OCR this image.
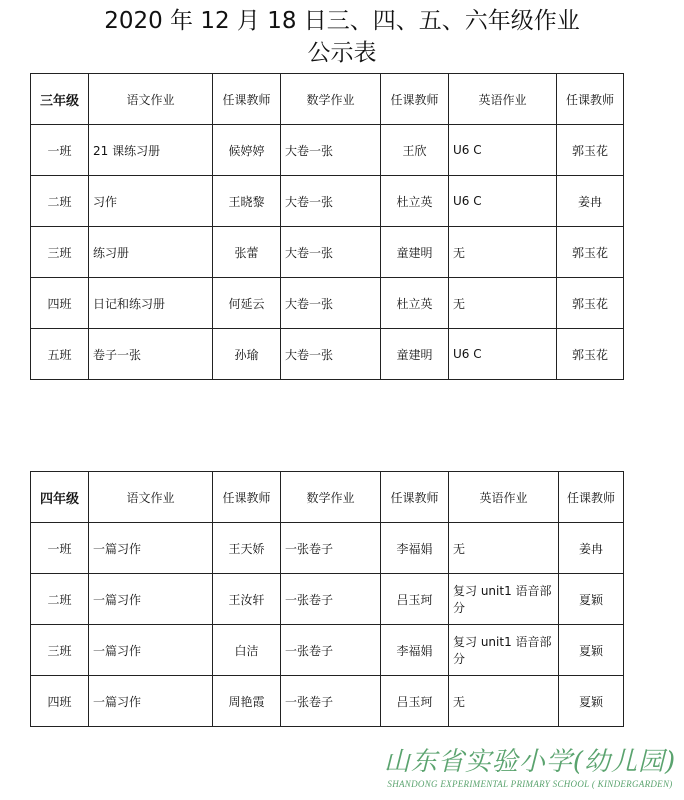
2020 年 12 月 18 日三、四、五、六年级作业
公示表
三年级	语文作业	任课教师	数学作业	任课教师	英语作业	任课教师
一班	21 课练习册	候婷婷	大卷一张	王欣	U6 C	郭玉花
二班	习作	王晓黎	大卷一张	杜立英	U6 C	姜冉
三班	练习册	张蕾	大卷一张	童建明	无	郭玉花
四班	日记和练习册	何延云	大卷一张	杜立英	无	郭玉花
五班	卷子一张	孙瑜	大卷一张	童建明	U6 C	郭玉花
四年级	语文作业	任课教师	数学作业	任课教师	英语作业	任课教师
一班	一篇习作	王天娇	一张卷子	李福娟	无	姜冉
二班	一篇习作	王汝轩	一张卷子	吕玉珂	复习 unit1 语音部分	夏颖
三班	一篇习作	白洁	一张卷子	李福娟	复习 unit1 语音部分	夏颖
四班	一篇习作	周艳霞	一张卷子	吕玉珂	无	夏颖
山东省实验小学(幼儿园)
SHANDONG EXPERIMENTAL PRIMARY SCHOOL ( KINDERGARDEN)
